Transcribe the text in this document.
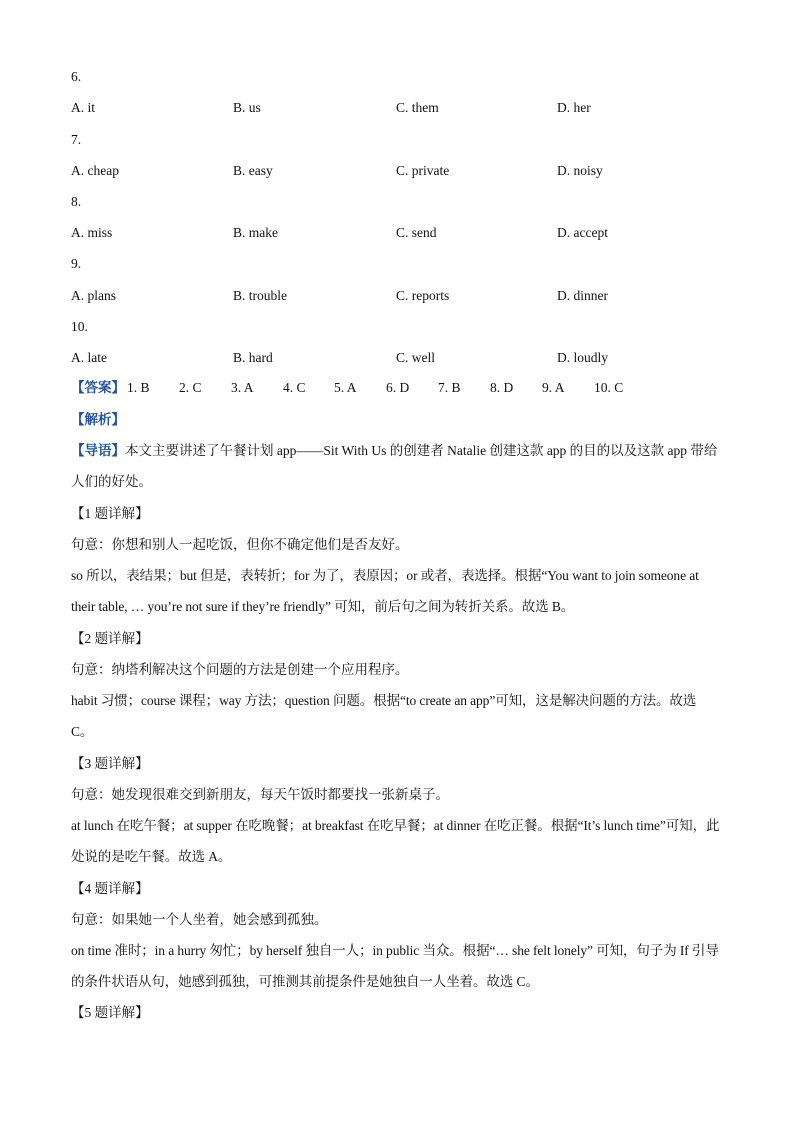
6.
A. it	B. us	C. them	D. her
7.
A. cheap	B. easy	C. private	D. noisy
8.
A. miss	B. make	C. send	D. accept
9.
A. plans	B. trouble	C. reports	D. dinner
10.
A. late	B. hard	C. well	D. loudly
【答案】 1. B 2. C 3. A 4. C 5. A 6. D 7. B 8. D 9. A 10. C
【解析】
【导语】本文主要讲述了午餐计划 app——Sit With Us 的创建者 Natalie 创建这款 app 的目的以及这款 app 带给人们的好处。
【1 题详解】
句意：你想和别人一起吃饭，但你不确定他们是否友好。
so 所以，表结果；but 但是，表转折；for 为了，表原因；or 或者，表选择。根据“You want to join someone at their table, … you’re not sure if they’re friendly” 可知，前后句之间为转折关系。故选 B。
【2 题详解】
句意：纳塔利解决这个问题的方法是创建一个应用程序。
habit 习惯；course 课程；way 方法；question 问题。根据“to create an app”可知，这是解决问题的方法。故选 C。
【3 题详解】
句意：她发现很难交到新朋友，每天午饭时都要找一张新桌子。
at lunch 在吃午餐；at supper 在吃晚餐；at breakfast 在吃早餐；at dinner 在吃正餐。根据“It’s lunch time”可知，此处说的是吃午餐。故选 A。
【4 题详解】
句意：如果她一个人坐着，她会感到孤独。
on time 准时；in a hurry 匆忙；by herself 独自一人；in public 当众。根据“… she felt lonely” 可知，句子为 If 引导的条件状语从句，她感到孤独，可推测其前提条件是她独自一人坐着。故选 C。
【5 题详解】
